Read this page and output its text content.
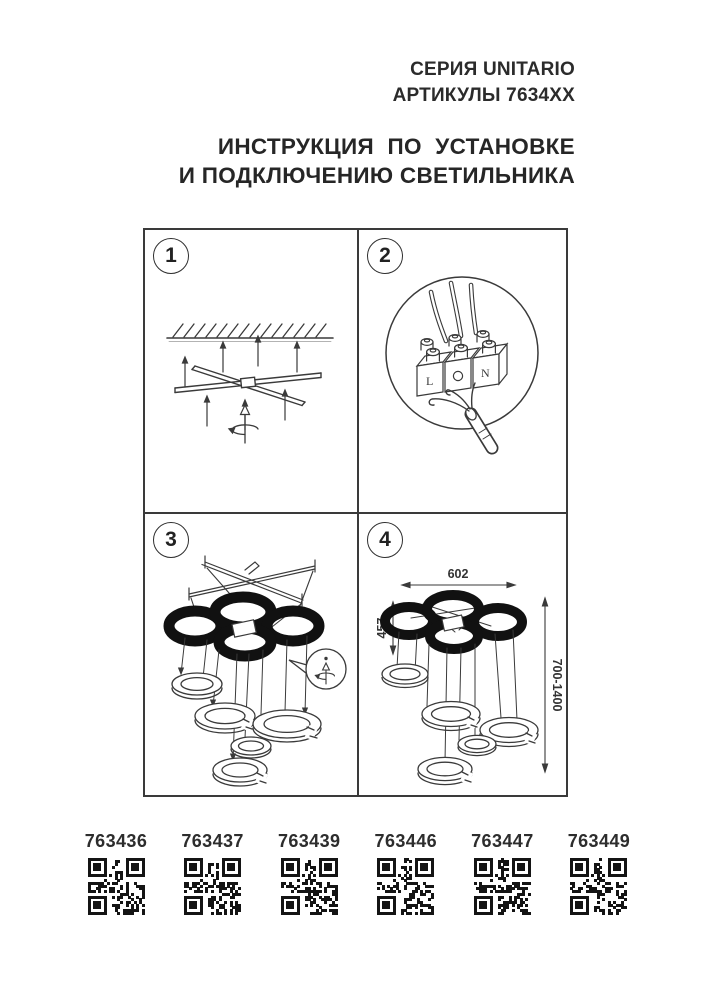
СЕРИЯ UNITARIO
АРТИКУЛЫ 7634XX
ИНСТРУКЦИЯ ПО УСТАНОВКЕ
И ПОДКЛЮЧЕНИЮ СВЕТИЛЬНИКА
1	2
L
N
3	4
602
457
700-1400
763436 763437 763439 763446 763447 763449
